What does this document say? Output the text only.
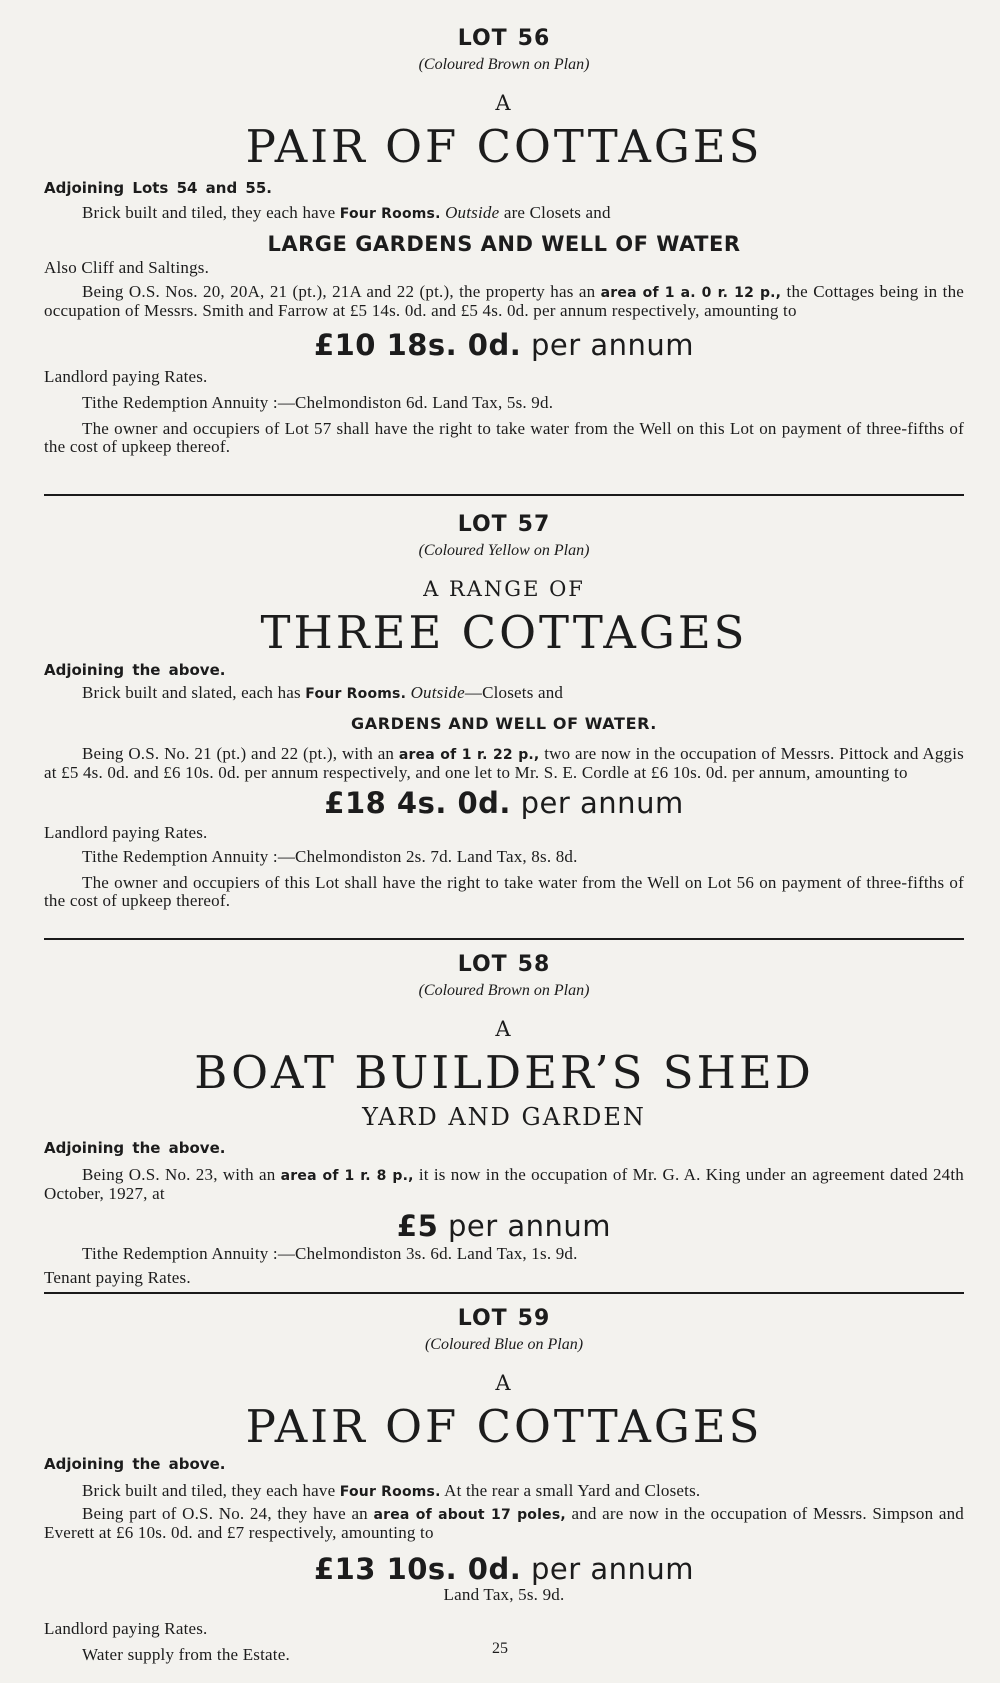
LOT 56
(Coloured Brown on Plan)
A
PAIR OF COTTAGES
Adjoining Lots 54 and 55.
Brick built and tiled, they each have Four Rooms. Outside are Closets and
LARGE GARDENS AND WELL OF WATER
Also Cliff and Saltings.
Being O.S. Nos. 20, 20A, 21 (pt.), 21A and 22 (pt.), the property has an area of 1 a. 0 r. 12 p., the Cottages being in the occupation of Messrs. Smith and Farrow at £5 14s. 0d. and £5 4s. 0d. per annum respectively, amounting to
£10 18s. 0d. per annum
Landlord paying Rates.
Tithe Redemption Annuity :—Chelmondiston 6d. Land Tax, 5s. 9d.
The owner and occupiers of Lot 57 shall have the right to take water from the Well on this Lot on payment of three-fifths of the cost of upkeep thereof.
LOT 57
(Coloured Yellow on Plan)
A RANGE OF
THREE COTTAGES
Adjoining the above.
Brick built and slated, each has Four Rooms. Outside—Closets and
GARDENS AND WELL OF WATER.
Being O.S. No. 21 (pt.) and 22 (pt.), with an area of 1 r. 22 p., two are now in the occupation of Messrs. Pittock and Aggis at £5 4s. 0d. and £6 10s. 0d. per annum respectively, and one let to Mr. S. E. Cordle at £6 10s. 0d. per annum, amounting to
£18 4s. 0d. per annum
Landlord paying Rates.
Tithe Redemption Annuity :—Chelmondiston 2s. 7d. Land Tax, 8s. 8d.
The owner and occupiers of this Lot shall have the right to take water from the Well on Lot 56 on payment of three-fifths of the cost of upkeep thereof.
LOT 58
(Coloured Brown on Plan)
A
BOAT BUILDER’S SHED
YARD AND GARDEN
Adjoining the above.
Being O.S. No. 23, with an area of 1 r. 8 p., it is now in the occupation of Mr. G. A. King under an agreement dated 24th October, 1927, at
£5 per annum
Tithe Redemption Annuity :—Chelmondiston 3s. 6d. Land Tax, 1s. 9d.
Tenant paying Rates.
LOT 59
(Coloured Blue on Plan)
A
PAIR OF COTTAGES
Adjoining the above.
Brick built and tiled, they each have Four Rooms. At the rear a small Yard and Closets.
Being part of O.S. No. 24, they have an area of about 17 poles, and are now in the occupation of Messrs. Simpson and Everett at £6 10s. 0d. and £7 respectively, amounting to
£13 10s. 0d. per annum
Land Tax, 5s. 9d.
Landlord paying Rates.
Water supply from the Estate.	25
